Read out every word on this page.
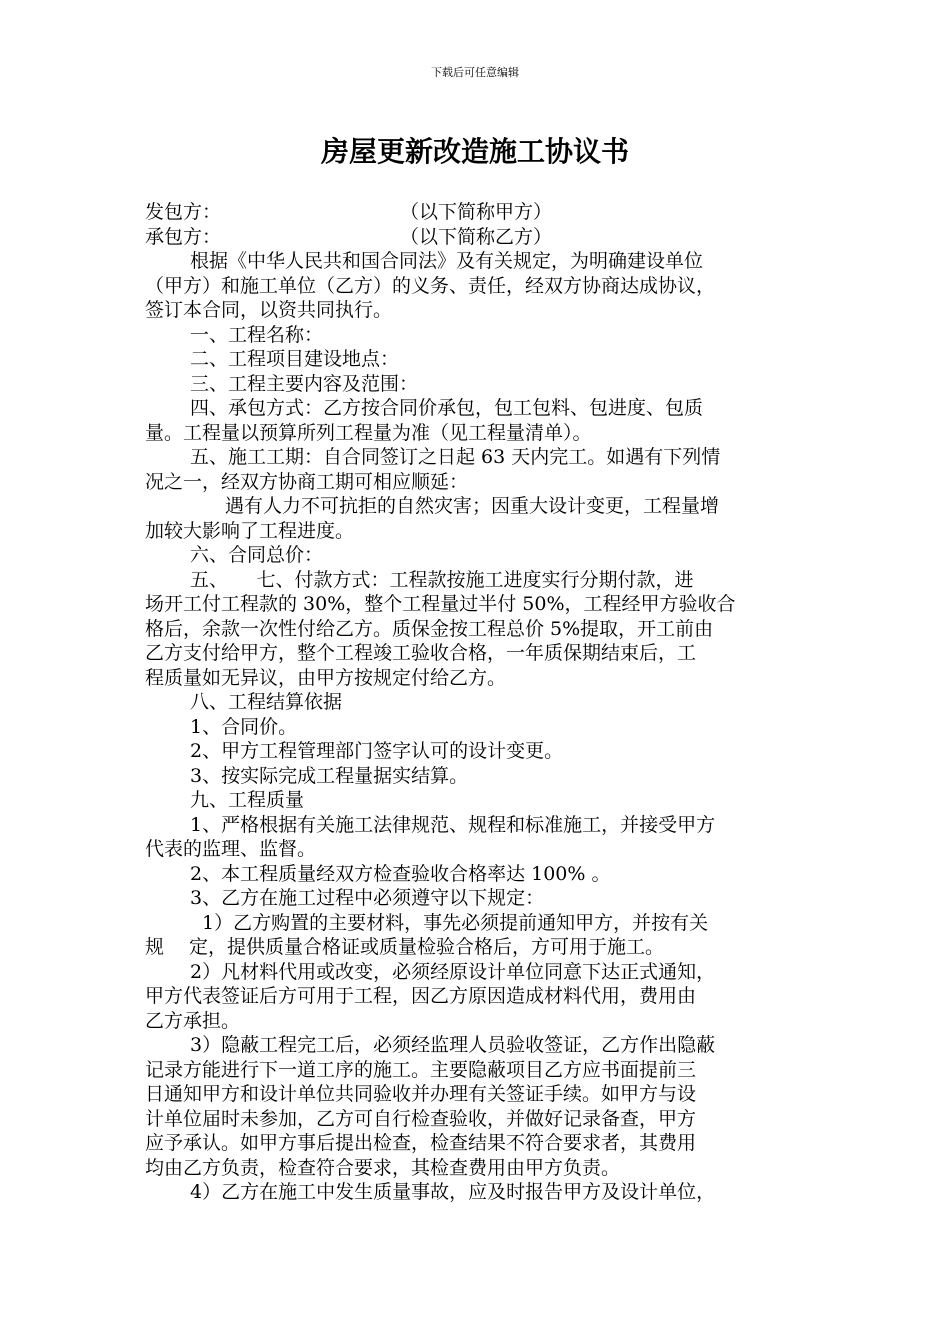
下载后可任意编辑
房屋更新改造施工协议书
发包方：	（以下简称甲方）
承包方：	（以下简称乙方）
根据《中华人民共和国合同法》及有关规定，为明确建设单位
（甲方）和施工单位（乙方）的义务、责任，经双方协商达成协议，
签订本合同，以资共同执行。
一、工程名称：
二、工程项目建设地点：
三、工程主要内容及范围：
四、承包方式：乙方按合同价承包，包工包料、包进度、包质
量。工程量以预算所列工程量为准（见工程量清单）。
五、施工工期：自合同签订之日起 63 天内完工。如遇有下列情
况之一，经双方协商工期可相应顺延：
遇有人力不可抗拒的自然灾害；因重大设计变更，工程量增
加较大影响了工程进度。
六、合同总价：
五、　　七、付款方式：工程款按施工进度实行分期付款，进
场开工付工程款的 30%，整个工程量过半付 50%，工程经甲方验收合
格后，余款一次性付给乙方。质保金按工程总价 5%提取，开工前由
乙方支付给甲方，整个工程竣工验收合格，一年质保期结束后，工
程质量如无异议，由甲方按规定付给乙方。
八、工程结算依据
1、合同价。
2、甲方工程管理部门签字认可的设计变更。
3、按实际完成工程量据实结算。
九、工程质量
1、严格根据有关施工法律规范、规程和标准施工，并接受甲方
代表的监理、监督。
2、本工程质量经双方检查验收合格率达 100% 。
3、乙方在施工过程中必须遵守以下规定：
1）乙方购置的主要材料，事先必须提前通知甲方，并按有关
规　 定，提供质量合格证或质量检验合格后，方可用于施工。
2）凡材料代用或改变，必须经原设计单位同意下达正式通知，
甲方代表签证后方可用于工程，因乙方原因造成材料代用，费用由
乙方承担。
3）隐蔽工程完工后，必须经监理人员验收签证，乙方作出隐蔽
记录方能进行下一道工序的施工。主要隐蔽项目乙方应书面提前三
日通知甲方和设计单位共同验收并办理有关签证手续。如甲方与设
计单位届时未参加，乙方可自行检查验收，并做好记录备查，甲方
应予承认。如甲方事后提出检查，检查结果不符合要求者，其费用
均由乙方负责，检查符合要求，其检查费用由甲方负责。
4）乙方在施工中发生质量事故，应及时报告甲方及设计单位，
